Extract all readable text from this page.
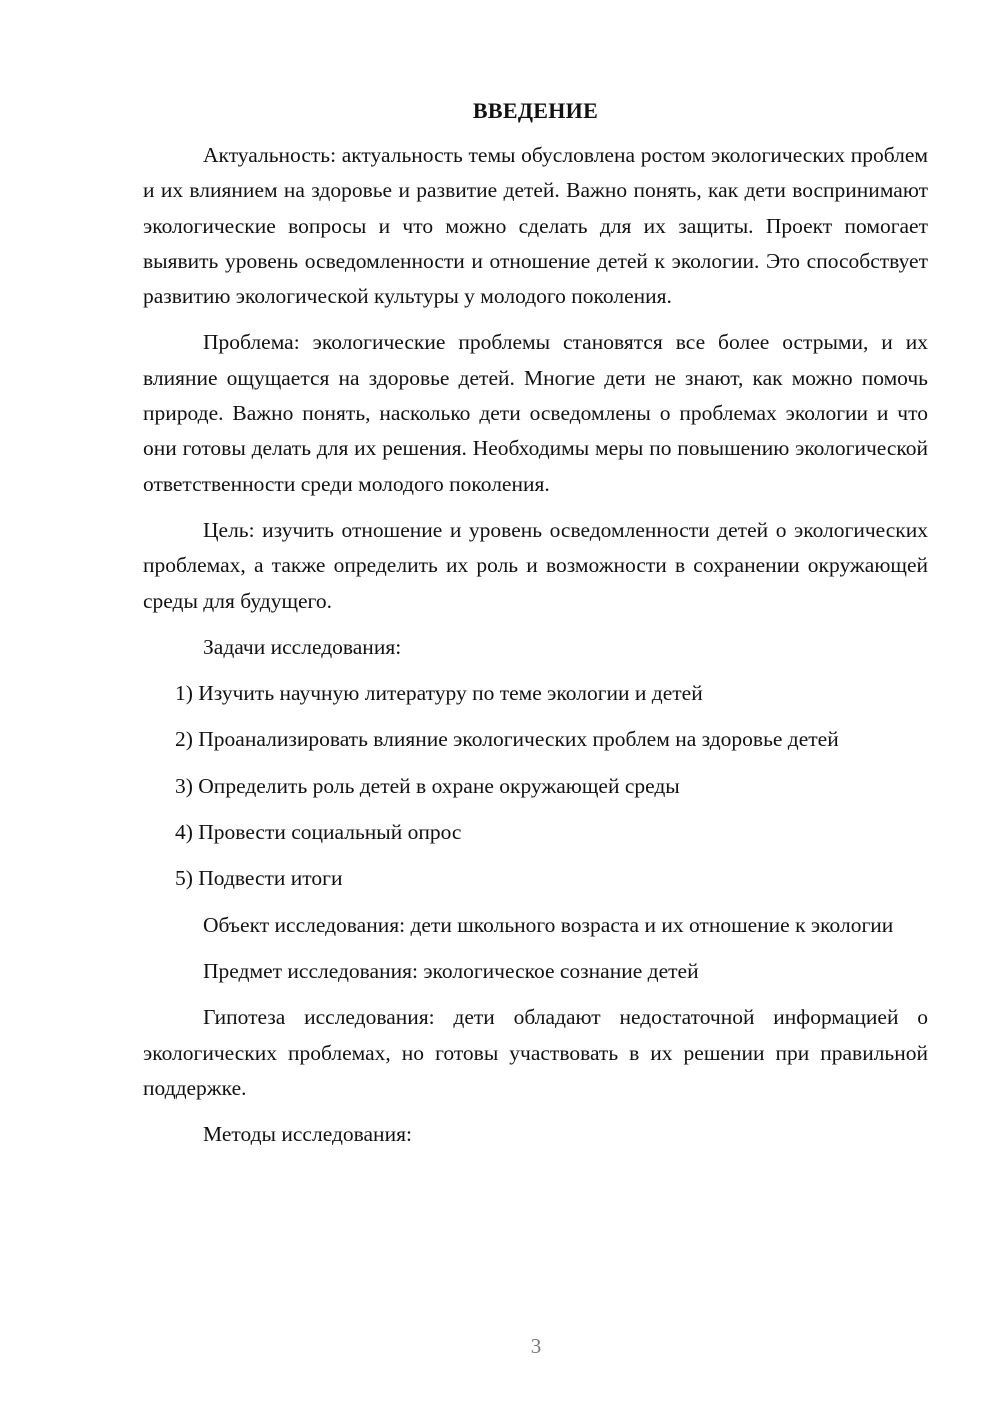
ВВЕДЕНИЕ

Актуальность: актуальность темы обусловлена ростом экологических проблем и их влиянием на здоровье и развитие детей. Важно понять, как дети воспринимают экологические вопросы и что можно сделать для их защиты. Проект помогает выявить уровень осведомленности и отношение детей к экологии. Это способствует развитию экологической культуры у молодого поколения.

Проблема: экологические проблемы становятся все более острыми, и их влияние ощущается на здоровье детей. Многие дети не знают, как можно помочь природе. Важно понять, насколько дети осведомлены о проблемах экологии и что они готовы делать для их решения. Необходимы меры по повышению экологической ответственности среди молодого поколения.

Цель: изучить отношение и уровень осведомленности детей о экологических проблемах, а также определить их роль и возможности в сохранении окружающей среды для будущего.

Задачи исследования:

1) Изучить научную литературу по теме экологии и детей

2) Проанализировать влияние экологических проблем на здоровье детей

3) Определить роль детей в охране окружающей среды

4) Провести социальный опрос

5) Подвести итоги

Объект исследования: дети школьного возраста и их отношение к экологии

Предмет исследования: экологическое сознание детей

Гипотеза исследования: дети обладают недостаточной информацией о экологических проблемах, но готовы участвовать в их решении при правильной поддержке.

Методы исследования:

3
